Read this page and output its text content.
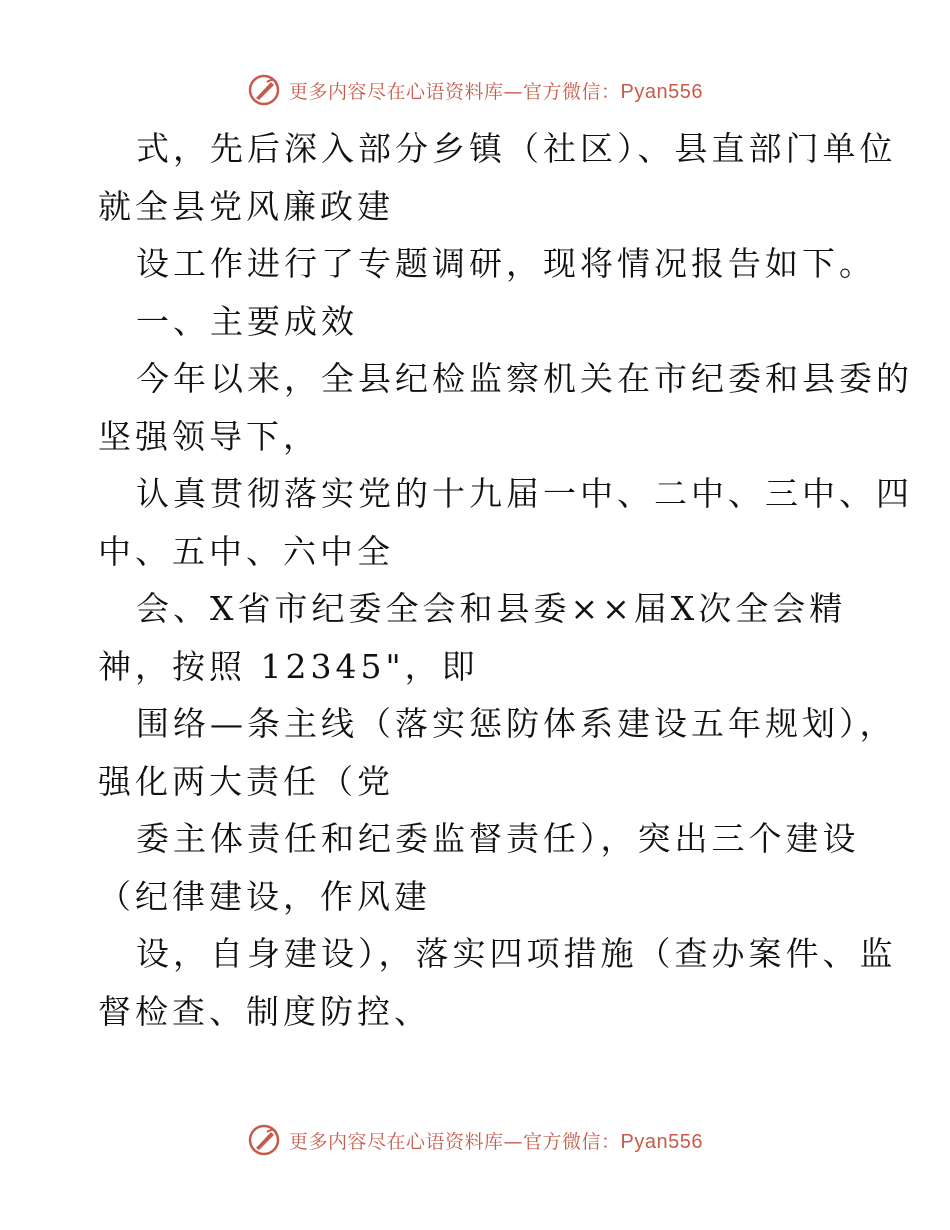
更多内容尽在心语资料库—官方微信：Pyan556
式，先后深入部分乡镇（社区）、县直部门单位
就全县党风廉政建
设工作进行了专题调研，现将情况报告如下。
一、主要成效
今年以来，全县纪检监察机关在市纪委和县委的
坚强领导下，
认真贯彻落实党的十九届一中、二中、三中、四
中、五中、六中全
会、X省市纪委全会和县委××届X次全会精
神，按照 12345"，即
围络—条主线（落实惩防体系建设五年规划），
强化两大责任（党
委主体责任和纪委监督责任），突出三个建设
（纪律建设，作风建
设，自身建设），落实四项措施（查办案件、监
督检查、制度防控、
更多内容尽在心语资料库—官方微信：Pyan556
